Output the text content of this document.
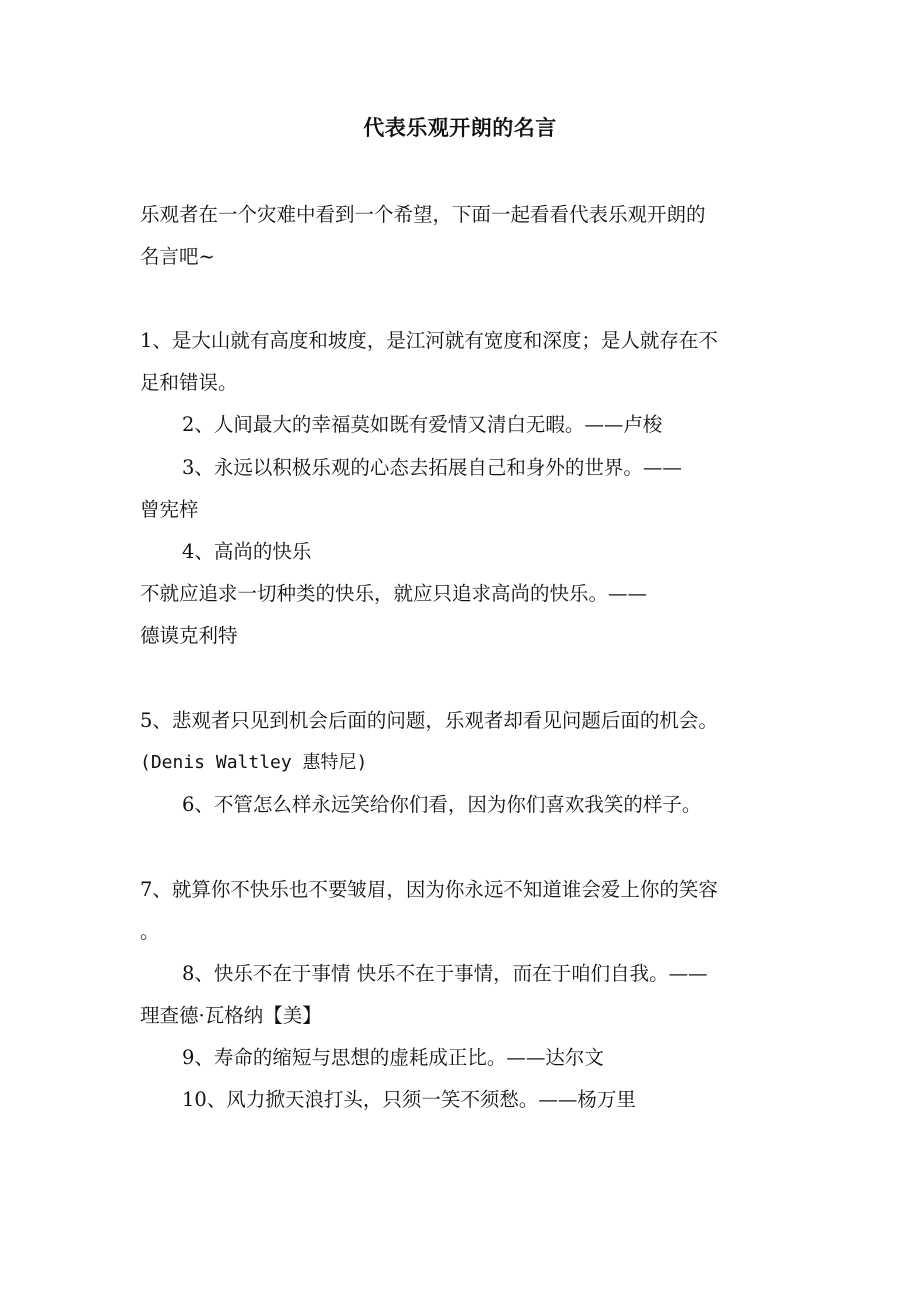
代表乐观开朗的名言
乐观者在一个灾难中看到一个希望，下面一起看看代表乐观开朗的
名言吧~
1、是大山就有高度和坡度，是江河就有宽度和深度；是人就存在不
足和错误。
2、人间最大的幸福莫如既有爱情又清白无暇。——卢梭
3、永远以积极乐观的心态去拓展自己和身外的世界。——
曾宪梓
4、高尚的快乐
不就应追求一切种类的快乐，就应只追求高尚的快乐。——
德谟克利特
5、悲观者只见到机会后面的问题，乐观者却看见问题后面的机会。
(Denis Waltley 惠特尼)
6、不管怎么样永远笑给你们看，因为你们喜欢我笑的样子。
7、就算你不快乐也不要皱眉，因为你永远不知道谁会爱上你的笑容
。
8、快乐不在于事情 快乐不在于事情，而在于咱们自我。——
理查德·瓦格纳【美】
9、寿命的缩短与思想的虚耗成正比。——达尔文
10、风力掀天浪打头，只须一笑不须愁。——杨万里
